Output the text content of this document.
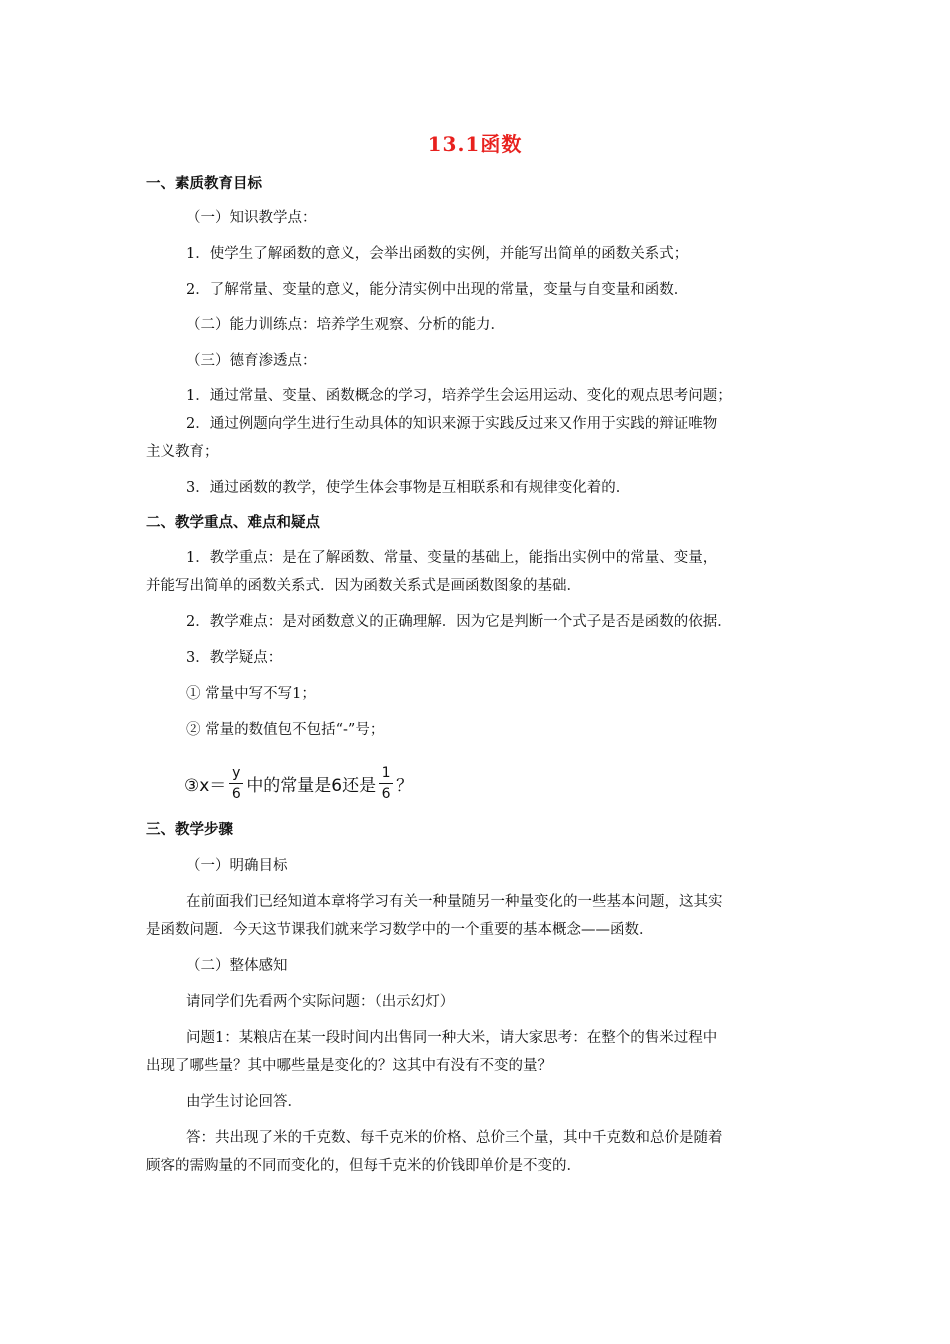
13.1函数
一、素质教育目标
（一）知识教学点：
1．使学生了解函数的意义，会举出函数的实例，并能写出简单的函数关系式；
2．了解常量、变量的意义，能分清实例中出现的常量，变量与自变量和函数．
（二）能力训练点：培养学生观察、分析的能力．
（三）德育渗透点：
1．通过常量、变量、函数概念的学习，培养学生会运用运动、变化的观点思考问题；
2．通过例题向学生进行生动具体的知识来源于实践反过来又作用于实践的辩证唯物
主义教育；
3．通过函数的教学，使学生体会事物是互相联系和有规律变化着的．
二、教学重点、难点和疑点
1．教学重点：是在了解函数、常量、变量的基础上，能指出实例中的常量、变量，
并能写出简单的函数关系式．因为函数关系式是画函数图象的基础．
2．教学难点：是对函数意义的正确理解．因为它是判断一个式子是否是函数的依据．
3．教学疑点：
① 常量中写不写1；
② 常量的数值包不包括“-”号；
③x＝ $\frac{y}{6}$ 中的常量是6还是 $\frac{1}{6}$ ？
三、教学步骤
（一）明确目标
在前面我们已经知道本章将学习有关一种量随另一种量变化的一些基本问题，这其实
是函数问题．今天这节课我们就来学习数学中的一个重要的基本概念——函数．
（二）整体感知
请同学们先看两个实际问题：（出示幻灯）
问题1：某粮店在某一段时间内出售同一种大米，请大家思考：在整个的售米过程中
出现了哪些量？其中哪些量是变化的？这其中有没有不变的量？
由学生讨论回答．
答：共出现了米的千克数、每千克米的价格、总价三个量，其中千克数和总价是随着
顾客的需购量的不同而变化的，但每千克米的价钱即单价是不变的．
